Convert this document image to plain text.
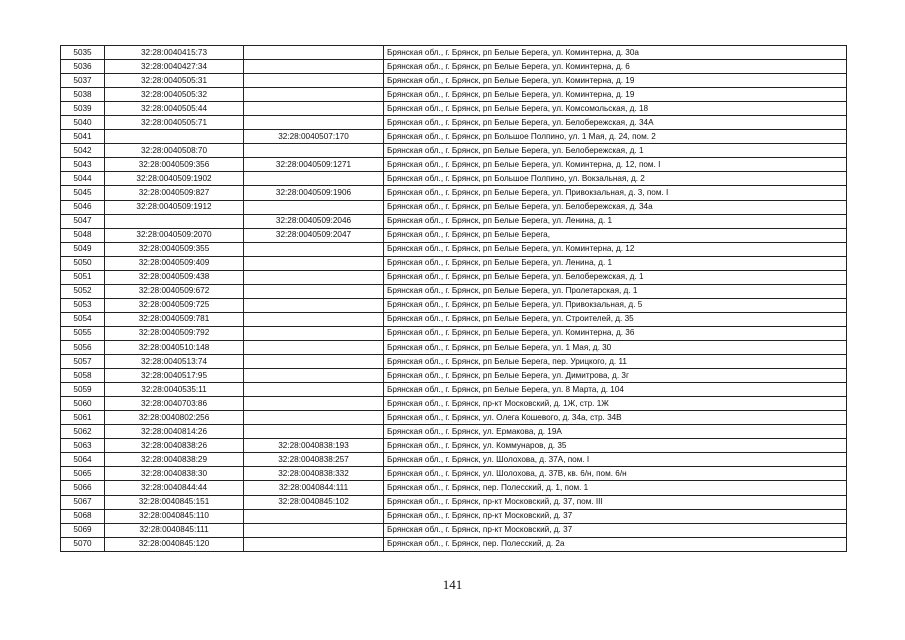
5035	32:28:0040415:73		Брянская обл., г. Брянск, рп Белые Берега, ул. Коминтерна, д. 30а
5036	32:28:0040427:34		Брянская обл., г. Брянск, рп Белые Берега, ул. Коминтерна, д. 6
5037	32:28:0040505:31		Брянская обл., г. Брянск, рп Белые Берега, ул. Коминтерна, д. 19
5038	32:28:0040505:32		Брянская обл., г. Брянск, рп Белые Берега, ул. Коминтерна, д. 19
5039	32:28:0040505:44		Брянская обл., г. Брянск, рп Белые Берега, ул. Комсомольская, д. 18
5040	32:28:0040505:71		Брянская обл., г. Брянск, рп Белые Берега, ул. Белобережская, д. 34А
5041		32:28:0040507:170	Брянская обл., г. Брянск, рп Большое Полпино, ул. 1 Мая, д. 24, пом. 2
5042	32:28:0040508:70		Брянская обл., г. Брянск, рп Белые Берега, ул. Белобережская, д. 1
5043	32:28:0040509:356	32:28:0040509:1271	Брянская обл., г. Брянск, рп Белые Берега, ул. Коминтерна, д. 12, пом. I
5044	32:28:0040509:1902		Брянская обл., г. Брянск, рп Большое Полпино, ул. Вокзальная, д. 2
5045	32:28:0040509:827	32:28:0040509:1906	Брянская обл., г. Брянск, рп Белые Берега, ул. Привокзальная, д. 3, пом. I
5046	32:28:0040509:1912		Брянская обл., г. Брянск, рп Белые Берега, ул. Белобережская, д. 34а
5047		32:28:0040509:2046	Брянская обл., г. Брянск, рп Белые Берега, ул. Ленина, д. 1
5048	32:28:0040509:2070	32:28:0040509:2047	Брянская обл., г. Брянск, рп Белые Берега,
5049	32:28:0040509:355		Брянская обл., г. Брянск, рп Белые Берега, ул. Коминтерна, д. 12
5050	32:28:0040509:409		Брянская обл., г. Брянск, рп Белые Берега, ул. Ленина, д. 1
5051	32:28:0040509:438		Брянская обл., г. Брянск, рп Белые Берега, ул. Белобережская, д. 1
5052	32:28:0040509:672		Брянская обл., г. Брянск, рп Белые Берега, ул. Пролетарская, д. 1
5053	32:28:0040509:725		Брянская обл., г. Брянск, рп Белые Берега, ул. Привокзальная, д. 5
5054	32:28:0040509:781		Брянская обл., г. Брянск, рп Белые Берега, ул. Строителей, д. 35
5055	32:28:0040509:792		Брянская обл., г. Брянск, рп Белые Берега, ул. Коминтерна, д. 36
5056	32:28:0040510:148		Брянская обл., г. Брянск, рп Белые Берега, ул. 1 Мая, д. 30
5057	32:28:0040513:74		Брянская обл., г. Брянск, рп Белые Берега, пер. Урицкого, д. 11
5058	32:28:0040517:95		Брянская обл., г. Брянск, рп Белые Берега, ул. Димитрова, д. 3г
5059	32:28:0040535:11		Брянская обл., г. Брянск, рп Белые Берега, ул. 8 Марта, д. 104
5060	32:28:0040703:86		Брянская обл., г. Брянск, пр-кт Московский, д. 1Ж, стр. 1Ж
5061	32:28:0040802:256		Брянская обл., г. Брянск, ул. Олега Кошевого, д. 34а, стр. 34В
5062	32:28:0040814:26		Брянская обл., г. Брянск, ул. Ермакова, д. 19А
5063	32:28:0040838:26	32:28:0040838:193	Брянская обл., г. Брянск, ул. Коммунаров, д. 35
5064	32:28:0040838:29	32:28:0040838:257	Брянская обл., г. Брянск, ул. Шолохова, д. 37А, пом. I
5065	32:28:0040838:30	32:28:0040838:332	Брянская обл., г. Брянск, ул. Шолохова, д. 37В, кв. 6/н, пом. 6/н
5066	32:28:0040844:44	32:28:0040844:111	Брянская обл., г. Брянск, пер. Полесский, д. 1, пом. 1
5067	32:28:0040845:151	32:28:0040845:102	Брянская обл., г. Брянск, пр-кт Московский, д. 37, пом. III
5068	32:28:0040845:110		Брянская обл., г. Брянск, пр-кт Московский, д. 37
5069	32:28:0040845:111		Брянская обл., г. Брянск, пр-кт Московский, д. 37
5070	32:28:0040845:120		Брянская обл., г. Брянск, пер. Полесский, д. 2а
141
